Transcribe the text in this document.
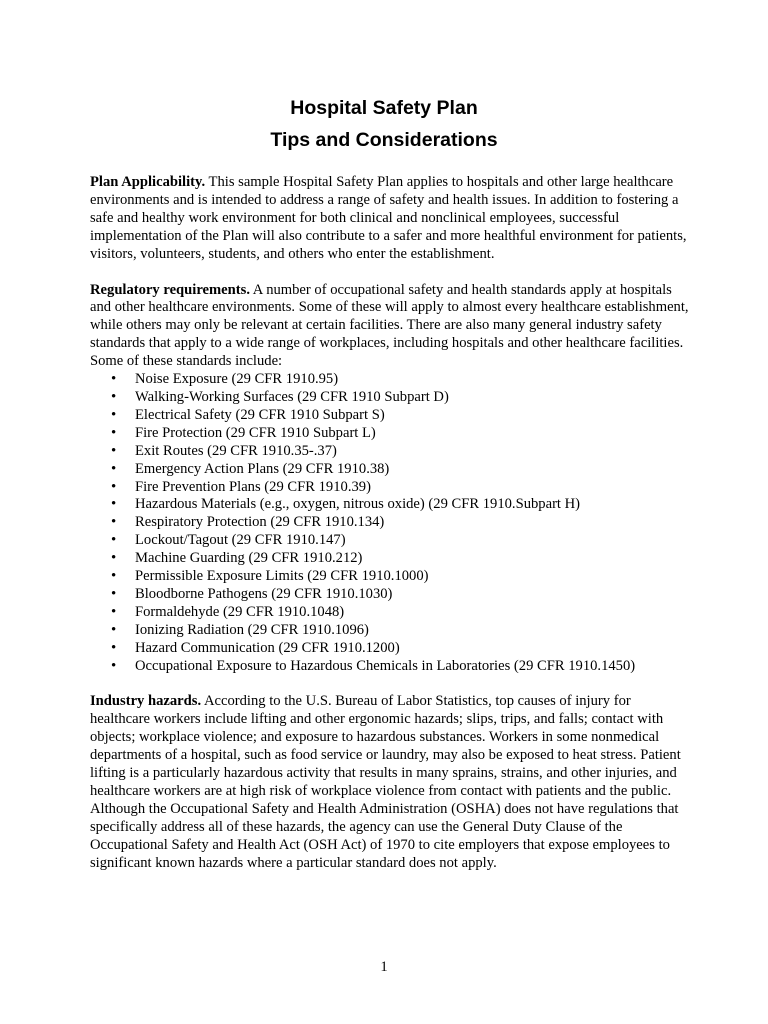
Hospital Safety Plan
Tips and Considerations

Plan Applicability. This sample Hospital Safety Plan applies to hospitals and other large healthcare environments and is intended to address a range of safety and health issues. In addition to fostering a safe and healthy work environment for both clinical and nonclinical employees, successful implementation of the Plan will also contribute to a safer and more healthful environment for patients, visitors, volunteers, students, and others who enter the establishment.

Regulatory requirements. A number of occupational safety and health standards apply at hospitals and other healthcare environments. Some of these will apply to almost every healthcare establishment, while others may only be relevant at certain facilities. There are also many general industry safety standards that apply to a wide range of workplaces, including hospitals and other healthcare facilities. Some of these standards include:

• Noise Exposure (29 CFR 1910.95)
• Walking-Working Surfaces (29 CFR 1910 Subpart D)
• Electrical Safety (29 CFR 1910 Subpart S)
• Fire Protection (29 CFR 1910 Subpart L)
• Exit Routes (29 CFR 1910.35-.37)
• Emergency Action Plans (29 CFR 1910.38)
• Fire Prevention Plans (29 CFR 1910.39)
• Hazardous Materials (e.g., oxygen, nitrous oxide) (29 CFR 1910.Subpart H)
• Respiratory Protection (29 CFR 1910.134)
• Lockout/Tagout (29 CFR 1910.147)
• Machine Guarding (29 CFR 1910.212)
• Permissible Exposure Limits (29 CFR 1910.1000)
• Bloodborne Pathogens (29 CFR 1910.1030)
• Formaldehyde (29 CFR 1910.1048)
• Ionizing Radiation (29 CFR 1910.1096)
• Hazard Communication (29 CFR 1910.1200)
• Occupational Exposure to Hazardous Chemicals in Laboratories (29 CFR 1910.1450)

Industry hazards. According to the U.S. Bureau of Labor Statistics, top causes of injury for healthcare workers include lifting and other ergonomic hazards; slips, trips, and falls; contact with objects; workplace violence; and exposure to hazardous substances. Workers in some nonmedical departments of a hospital, such as food service or laundry, may also be exposed to heat stress. Patient lifting is a particularly hazardous activity that results in many sprains, strains, and other injuries, and healthcare workers are at high risk of workplace violence from contact with patients and the public. Although the Occupational Safety and Health Administration (OSHA) does not have regulations that specifically address all of these hazards, the agency can use the General Duty Clause of the Occupational Safety and Health Act (OSH Act) of 1970 to cite employers that expose employees to significant known hazards where a particular standard does not apply.

1
